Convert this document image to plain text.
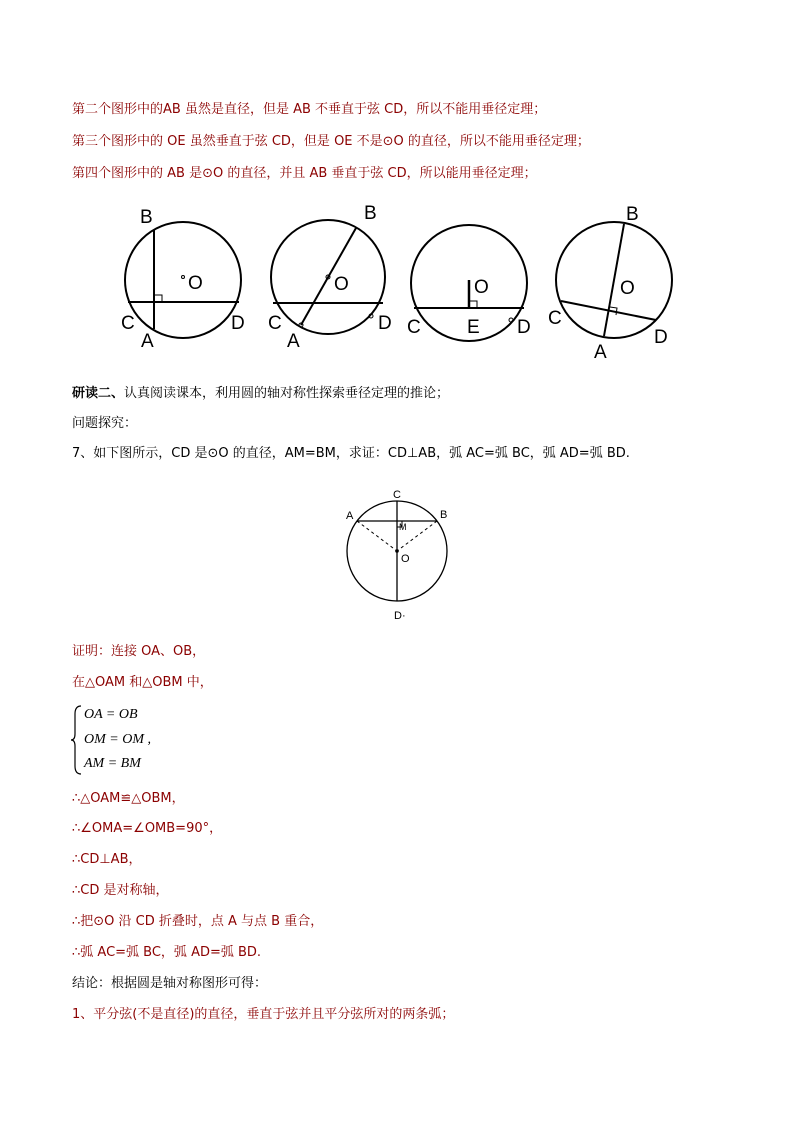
第二个图形中的AB 虽然是直径，但是 AB 不垂直于弦 CD，所以不能用垂径定理；
第三个图形中的 OE 虽然垂直于弦 CD，但是 OE 不是⊙O 的直径，所以不能用垂径定理；
第四个图形中的 AB 是⊙O 的直径，并且 AB 垂直于弦 CD，所以能用垂径定理；
B
O
C
A
D
B
O
C
A
D
O
C E D
B
O
C
A
D
研读二、认真阅读课本，利用圆的轴对称性探索垂径定理的推论；
问题探究：
7、如下图所示，CD 是⊙O 的直径，AM=BM，求证：CD⊥AB，弧 AC=弧 BC，弧 AD=弧 BD.
C
A	B
M
O
D·
证明：连接 OA、OB，
在△OAM 和△OBM 中，
OA = OB
OM = OM ,
AM = BM
∴△OAM≌△OBM，
∴∠OMA=∠OMB=90°，
∴CD⊥AB，
∴CD 是对称轴，
∴把⊙O 沿 CD 折叠时，点 A 与点 B 重合，
∴弧 AC=弧 BC，弧 AD=弧 BD.
结论：根据圆是轴对称图形可得：
1、平分弦(不是直径)的直径，垂直于弦并且平分弦所对的两条弧；
